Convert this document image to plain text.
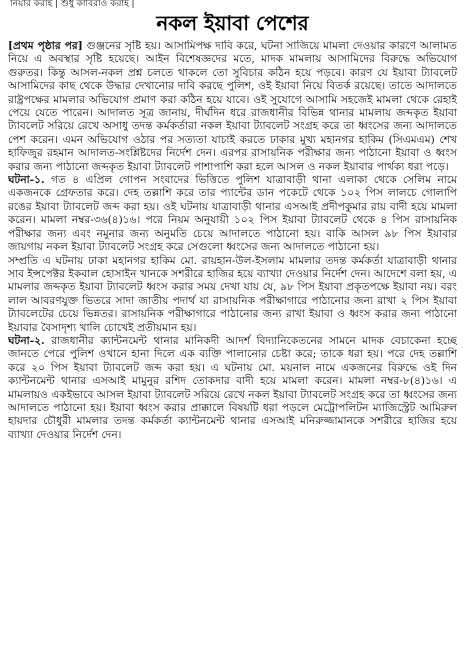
নিয়ার করাই | শুধু কাবিরাও করাই |
নকল ইয়াবা পেশের

[প্রথম পৃষ্ঠার পর] গুঞ্জনের সৃষ্টি হয়। আসামিপক্ষ দাবি করে, ঘটনা সাজিয়ে মামলা দেওয়ার কারণে আলামত নিয়ে এ অবস্থার সৃষ্টি হয়েছে। আইন বিশেষজ্ঞদের মতে, মাদক মামলায় আসামিদের বিরুদ্ধে অভিযোগ গুরুতর। কিন্তু আসল-নকল প্রশ্ন চলতে থাকলে তো সুবিচার কঠিন হয়ে পড়বে। কারণ যে ইয়াবা ট্যাবলেট আসামিদের কাছ থেকে উদ্ধার দেখানোর দাবি করছে পুলিশ, ওই ইয়াবা নিয়ে বিতর্ক রয়েছে। তাতে আদালতে রাষ্ট্রপক্ষের মামলার অভিযোগ প্রমাণ করা কঠিন হয়ে যাবে। ওই সুযোগে আসামি সহজেই মামলা থেকে রেহাই পেয়ে যেতে পারেন। আদালত সূত্র জানায়, দীর্ঘদিন ধরে রাজধানীর বিভিন্ন থানার মামলায় জব্দকৃত ইয়াবা ট্যাবলেট সরিয়ে রেখে অসাধু তদন্ত কর্মকর্তারা নকল ইয়াবা ট্যাবলেট সংগ্রহ করে তা ধ্বংসের জন্য আদালতে পেশ করেন। এমন অভিযোগ ওঠার পর সত্যতা যাচাই করতে ঢাকার মুখ্য মহানগর হাকিম (সিএমএম) শেখ হাফিজুর রহমান আদালত-সংশ্লিষ্টদের নির্দেশ দেন। এরপর রাসায়নিক পরীক্ষার জন্য পাঠানো ইয়াবা ও ধ্বংস করার জন্য পাঠানো জব্দকৃত ইয়াবা ট্যাবলেট পাশাপাশি করা হলে আসল ও নকল ইয়াবার পার্থক্য ধরা পড়ে।

ঘটনা-১. গত ৪ এপ্রিল গোপন সংবাদের ভিত্তিতে পুলিশ যাত্রাবাড়ী থানা এলাকা থেকে সেলিম নামে একজনকে গ্রেফতার করে। দেহ তল্লাশি করে তার প্যান্টের ডান পকেটে থেকে ১০২ পিস লালচে গোলাপি রঙের ইয়াবা ট্যাবলেট জব্দ করা হয়। ওই ঘটনায় যাত্রাবাড়ী থানার এসআই প্রদীপকুমার রায় বাদী হয়ে মামলা করেন। মামলা নম্বর-৩৬(৪)১৬। পরে নিয়ম অনুযায়ী ১০২ পিস ইয়াবা ট্যাবলেট থেকে ৪ পিস রাসায়নিক পরীক্ষার জন্য এবং নমুনার জন্য অনুমতি চেয়ে আদালতে পাঠানো হয়। বাকি আসল ৯৮ পিস ইয়াবার জায়গায় নকল ইয়াবা ট্যাবলেট সংগ্রহ করে সেগুলো ধ্বংসের জন্য আদালতে পাঠানো হয়।

সম্প্রতি এ ঘটনায় ঢাকা মহানগর হাকিম মো. রায়হান-উল-ইসলাম মামলার তদন্ত কর্মকর্তা যাত্রাবাড়ী থানার সাব ইন্সপেক্টর ইকবাল হোসাইন খানকে সশরীরে হাজির হয়ে ব্যাখ্যা দেওয়ার নির্দেশ দেন। আদেশে বলা হয়, এ মামলার জব্দকৃত ইয়াবা ট্যাবলেট ধ্বংস করার সময় দেখা যায় যে, ৯৮ পিস ইয়াবা প্রকৃতপক্ষে ইয়াবা নয়। বরং লাল আবরণযুক্ত ভিতরে সাদা জাতীয় পদার্থ যা রাসায়নিক পরীক্ষাগারে পাঠানোর জন্য রাখা ২ পিস ইয়াবা ট্যাবলেটের চেয়ে ভিন্নতর। রাসায়নিক পরীক্ষাগারে পাঠানোর জন্য রাখা ইয়াবা ও ধ্বংস করার জন্য পাঠানো ইয়াবার বৈসাদৃশ্য খালি চোখেই প্রতীয়মান হয়।

ঘটনা-২. রাজধানীর ক্যান্টনমেন্ট থানার মানিকদী আদর্শ বিদ্যানিকেতনের সামনে মাদক বেচাকেনা হচ্ছে জানতে পেরে পুলিশ ওখানে হানা দিলে এক ব্যক্তি পালানোর চেষ্টা করে; তাকে ধরা হয়। পরে দেহ তল্লাশি করে ২০ পিস ইয়াবা ট্যাবলেট জব্দ করা হয়। এ ঘটনায় মো. ময়নাল নামে একজনের বিরুদ্ধে ওই দিন ক্যান্টনমেন্ট থানার এসআই মামুনুর রশিদ তোকদার বাদী হয়ে মামলা করেন। মামলা নম্বর-৮(৪)১৬। এ মামলায়ও একইভাবে আসল ইয়াবা ট্যাবলেট সরিয়ে রেখে নকল ইয়াবা ট্যাবলেট সংগ্রহ করে তা ধ্বংসের জন্য আদালতে পাঠানো হয়। ইয়াবা ধ্বংস করার প্রাক্কালে বিষয়টি ধরা পড়লে মেট্রোপলিটন ম্যাজিস্ট্রেট আমিরুল হায়দার চৌধুরী মামলার তদন্ত কর্মকর্তা ক্যান্টনমেন্ট থানার এসআই মনিরুজ্জামানকে সশরীরে হাজির হয়ে ব্যাখ্যা দেওয়ার নির্দেশ দেন।
